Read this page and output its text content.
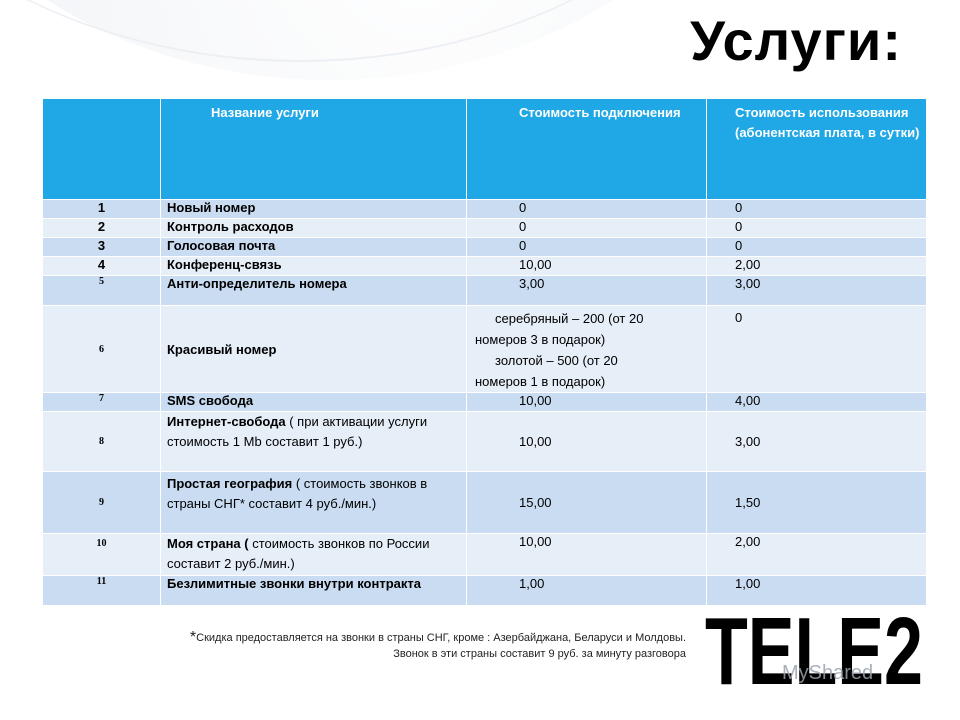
Услуги:
	Название услуги	Стоимость подключения	Стоимость использования (абонентская плата, в сутки)
1	Новый номер	0	0
2	Контроль расходов	0	0
3	Голосовая почта	0	0
4	Конференц-связь	10,00	2,00
5	Анти-определитель номера	3,00	3,00
6	Красивый номер	серебряный – 200 (от 20
номеров 3 в подарок)
золотой – 500 (от 20
номеров 1 в подарок)	0
7	SMS свобода	10,00	4,00
8	Интернет-свобода ( при активации услуги стоимость 1 Mb составит 1 руб.)	10,00	3,00
9	Простая география ( стоимость звонков в страны СНГ* составит 4 руб./мин.)	15,00	1,50
10	Моя страна ( стоимость звонков по России составит 2 руб./мин.)	10,00	2,00
11	Безлимитные звонки внутри контракта	1,00	1,00
*Скидка предоставляется на звонки в страны СНГ, кроме : Азербайджана, Беларуси и Молдовы.
Звонок в эти страны составит 9 руб. за минуту разговора TELE2
MyShared
